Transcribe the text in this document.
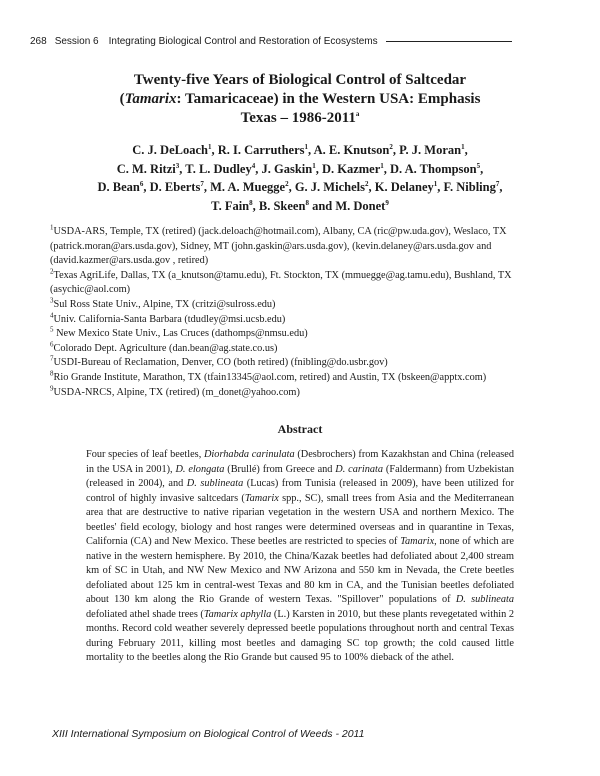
268 Session 6 Integrating Biological Control and Restoration of Ecosystems
Twenty-five Years of Biological Control of Saltcedar
(Tamarix: Tamaricaceae) in the Western USA: Emphasis
Texas – 1986-2011$^a$
C. J. DeLoach$^1$, R. I. Carruthers$^1$, A. E. Knutson$^2$, P. J. Moran$^1$,
C. M. Ritzi$^3$, T. L. Dudley$^4$, J. Gaskin$^1$, D. Kazmer$^1$, D. A. Thompson$^5$,
D. Bean$^6$, D. Eberts$^7$, M. A. Muegge$^2$, G. J. Michels$^2$, K. Delaney$^1$, F. Nibling$^7$,
T. Fain$^8$, B. Skeen$^8$ and M. Donet$^9$

$^1$USDA-ARS, Temple, TX (retired) (jack.deloach@hotmail.com), Albany, CA (ric@pw.uda.gov), Weslaco, TX (patrick.moran@ars.usda.gov), Sidney, MT (john.gaskin@ars.usda.gov), (kevin.delaney@ars.usda.gov and (david.kazmer@ars.usda.gov , retired)

$^2$Texas AgriLife, Dallas, TX (a_knutson@tamu.edu), Ft. Stockton, TX (mmuegge@ag.tamu.edu), Bushland, TX (asychic@aol.com)

$^3$Sul Ross State Univ., Alpine, TX (critzi@sulross.edu)

$^4$Univ. California-Santa Barbara (tdudley@msi.ucsb.edu)

$^5$ New Mexico State Univ., Las Cruces (dathomps@nmsu.edu)

$^6$Colorado Dept. Agriculture (dan.bean@ag.state.co.us)

$^7$USDI-Bureau of Reclamation, Denver, CO (both retired) (fnibling@do.usbr.gov)

$^8$Rio Grande Institute, Marathon, TX (tfain13345@aol.com, retired) and Austin, TX (bskeen@apptx.com)

$^9$USDA-NRCS, Alpine, TX (retired) (m_donet@yahoo.com)

Abstract

Four species of leaf beetles, Diorhabda carinulata (Desbrochers) from Kazakhstan and China (released in the USA in 2001), D. elongata (Brullé) from Greece and D. carinata (Faldermann) from Uzbekistan (released in 2004), and D. sublineata (Lucas) from Tunisia (released in 2009), have been utilized for control of highly invasive saltcedars (Tamarix spp., SC), small trees from Asia and the Mediterranean area that are destructive to native riparian vegetation in the western USA and northern Mexico. The beetles' field ecology, biology and host ranges were determined overseas and in quarantine in Texas, California (CA) and New Mexico. These beetles are restricted to species of Tamarix, none of which are native in the western hemisphere. By 2010, the China/Kazak beetles had defoliated about 2,400 stream km of SC in Utah, and NW New Mexico and NW Arizona and 550 km in Nevada, the Crete beetles defoliated about 125 km in central-west Texas and 80 km in CA, and the Tunisian beetles defoliated about 130 km along the Rio Grande of western Texas. "Spillover" populations of D. sublineata defoliated athel shade trees (Tamarix aphylla (L.) Karsten in 2010, but these plants revegetated within 2 months. Record cold weather severely depressed beetle populations throughout north and central Texas during February 2011, killing most beetles and damaging SC top growth; the cold caused little mortality to the beetles along the Rio Grande but caused 95 to 100% dieback of the athel.

XIII International Symposium on Biological Control of Weeds - 2011
